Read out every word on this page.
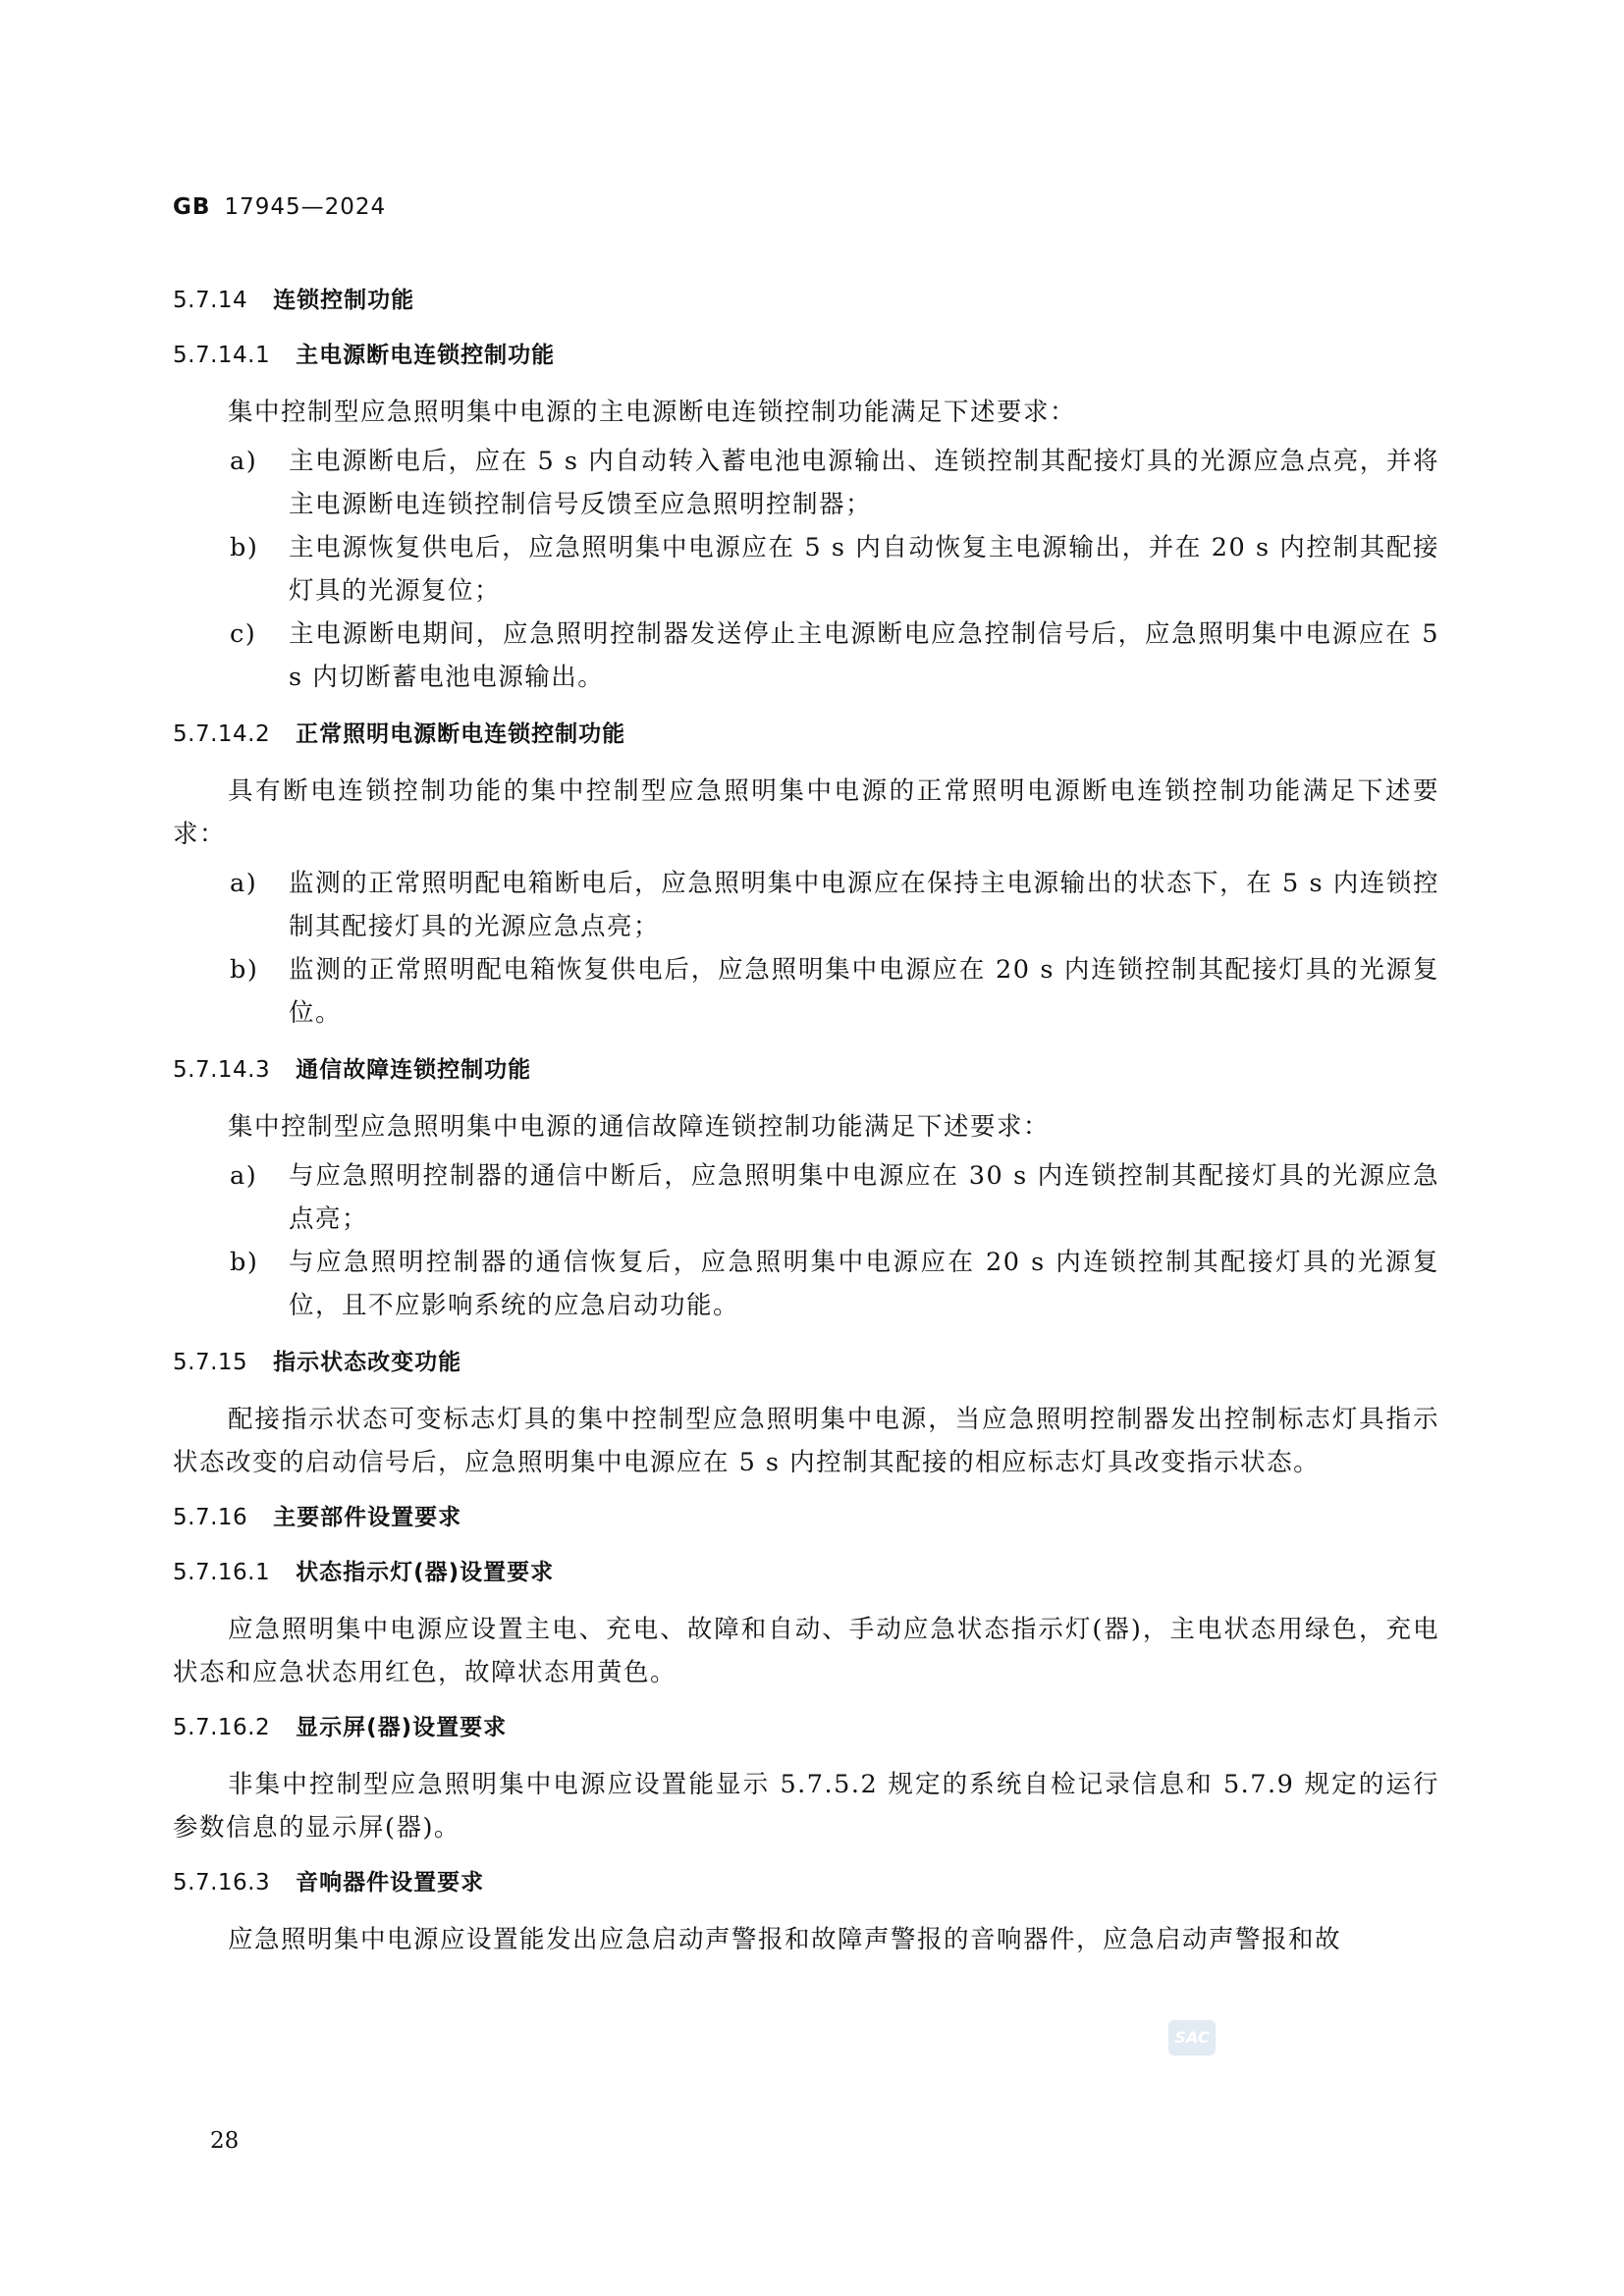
GB 17945—2024
5.7.14 连锁控制功能
5.7.14.1 主电源断电连锁控制功能
集中控制型应急照明集中电源的主电源断电连锁控制功能满足下述要求：
a) 主电源断电后，应在 5 s 内自动转入蓄电池电源输出、连锁控制其配接灯具的光源应急点亮，并将主电源断电连锁控制信号反馈至应急照明控制器；
b) 主电源恢复供电后，应急照明集中电源应在 5 s 内自动恢复主电源输出，并在 20 s 内控制其配接灯具的光源复位；
c) 主电源断电期间，应急照明控制器发送停止主电源断电应急控制信号后，应急照明集中电源应在 5 s 内切断蓄电池电源输出。
5.7.14.2 正常照明电源断电连锁控制功能
具有断电连锁控制功能的集中控制型应急照明集中电源的正常照明电源断电连锁控制功能满足下述要求：
a) 监测的正常照明配电箱断电后，应急照明集中电源应在保持主电源输出的状态下，在 5 s 内连锁控制其配接灯具的光源应急点亮；
b) 监测的正常照明配电箱恢复供电后，应急照明集中电源应在 20 s 内连锁控制其配接灯具的光源复位。
5.7.14.3 通信故障连锁控制功能
集中控制型应急照明集中电源的通信故障连锁控制功能满足下述要求：
a) 与应急照明控制器的通信中断后，应急照明集中电源应在 30 s 内连锁控制其配接灯具的光源应急点亮；
b) 与应急照明控制器的通信恢复后，应急照明集中电源应在 20 s 内连锁控制其配接灯具的光源复位，且不应影响系统的应急启动功能。
5.7.15 指示状态改变功能
配接指示状态可变标志灯具的集中控制型应急照明集中电源，当应急照明控制器发出控制标志灯具指示状态改变的启动信号后，应急照明集中电源应在 5 s 内控制其配接的相应标志灯具改变指示状态。
5.7.16 主要部件设置要求
5.7.16.1 状态指示灯(器)设置要求
应急照明集中电源应设置主电、充电、故障和自动、手动应急状态指示灯(器)，主电状态用绿色，充电状态和应急状态用红色，故障状态用黄色。
5.7.16.2 显示屏(器)设置要求
非集中控制型应急照明集中电源应设置能显示 5.7.5.2 规定的系统自检记录信息和 5.7.9 规定的运行参数信息的显示屏(器)。
5.7.16.3 音响器件设置要求
应急照明集中电源应设置能发出应急启动声警报和故障声警报的音响器件，应急启动声警报和故
SAC
28
